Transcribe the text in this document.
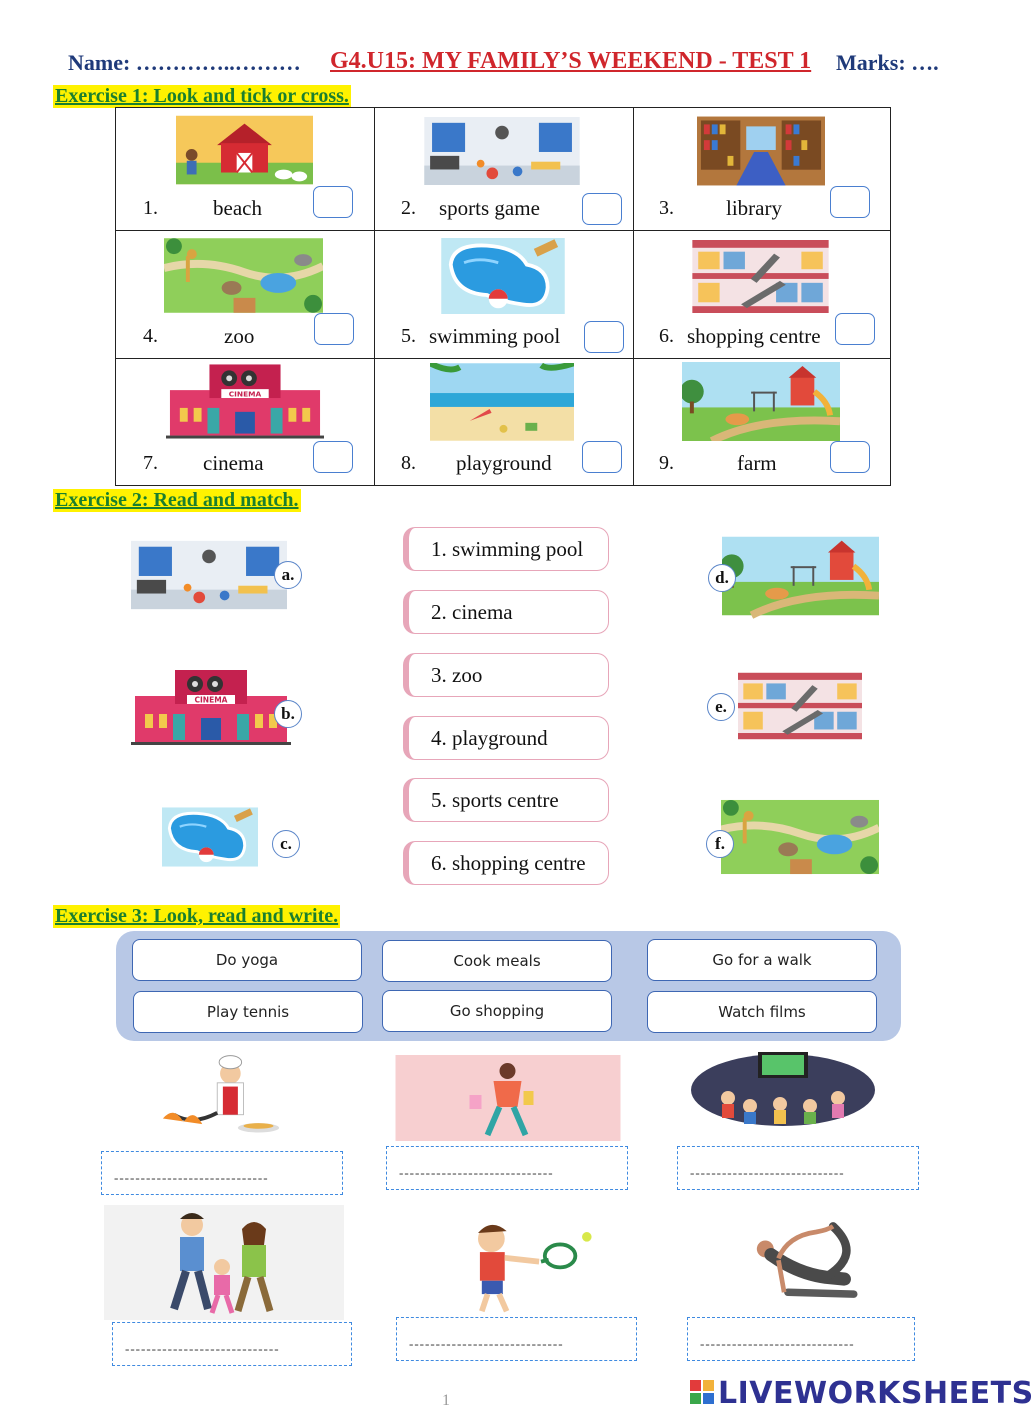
Name: …………..……… G4.U15: MY FAMILY’S WEEKEND - TEST 1 Marks: ….
Exercise 1: Look and tick or cross.
1.	beach	2. sports game	3. library
4.	zoo	5. swimming pool	6. shopping centre
7. cinema	8. playground	9.	farm
Exercise 2: Read and match.
a.
b.
c.
1. swimming pool
2. cinema
3. zoo
4. playground
5. sports centre
6. shopping centre
d.
e.
f.
Exercise 3: Look, read and write.
Do yoga	Cook meals	Go for a walk
Play tennis	Go shopping	Watch films
-----------------------------	-----------------------------	-----------------------------
-----------------------------	-----------------------------	-----------------------------
1	LIVEWORKSHEETS
